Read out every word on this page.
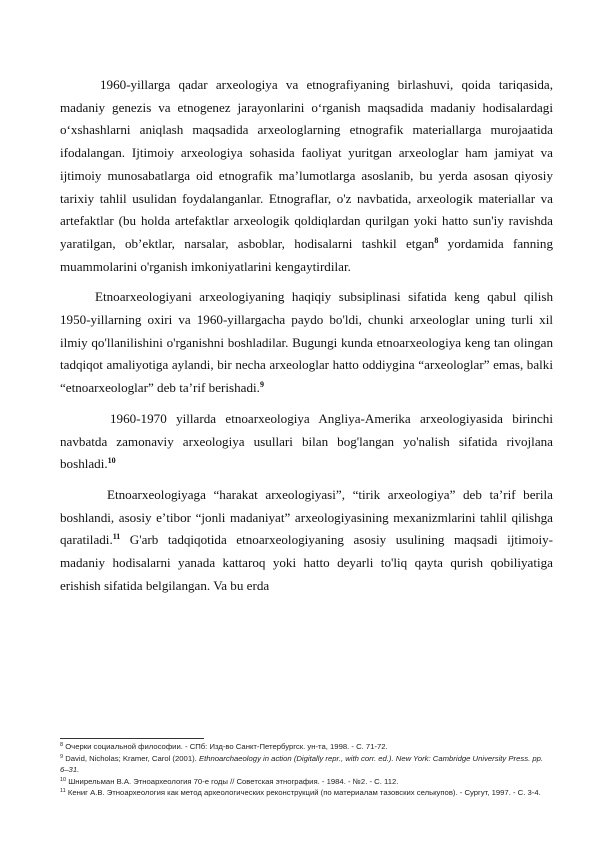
1960-yillarga qadar arxeologiya va etnografiyaning birlashuvi, qoida tariqasida, madaniy genezis va etnogenez jarayonlarini oʻrganish maqsadida madaniy hodisalardagi oʻxshashlarni aniqlash maqsadida arxeologlarning etnografik materiallarga murojaatida ifodalangan. Ijtimoiy arxeologiya sohasida faoliyat yuritgan arxeologlar ham jamiyat va ijtimoiy munosabatlarga oid etnografik maʼlumotlarga asoslanib, bu yerda asosan qiyosiy tarixiy tahlil usulidan foydalanganlar. Etnograflar, o'z navbatida, arxeologik materiallar va artefaktlar (bu holda artefaktlar arxeologik qoldiqlardan qurilgan yoki hatto sun'iy ravishda yaratilgan, obʼektlar, narsalar, asboblar, hodisalarni tashkil etgan$^8$ yordamida fanning muammolarini o'rganish imkoniyatlarini kengaytirdilar.

Etnoarxeologiyani arxeologiyaning haqiqiy subsiplinasi sifatida keng qabul qilish 1950-yillarning oxiri va 1960-yillargacha paydo bo'ldi, chunki arxeologlar uning turli xil ilmiy qo'llanilishini o'rganishni boshladilar. Bugungi kunda etnoarxeologiya keng tan olingan tadqiqot amaliyotiga aylandi, bir necha arxeologlar hatto oddiygina “arxeologlar” emas, balki “etnoarxeologlar” deb taʼrif berishadi.$^9$

1960-1970 yillarda etnoarxeologiya Angliya-Amerika arxeologiyasida birinchi navbatda zamonaviy arxeologiya usullari bilan bog'langan yo'nalish sifatida rivojlana boshladi.$^{10}$

Etnoarxeologiyaga “harakat arxeologiyasi”, “tirik arxeologiya” deb taʼrif berila boshlandi, asosiy eʼtibor “jonli madaniyat” arxeologiyasining mexanizmlarini tahlil qilishga qaratiladi.$^{11}$ G'arb tadqiqotida etnoarxeologiyaning asosiy usulining maqsadi ijtimoiy-madaniy hodisalarni yanada kattaroq yoki hatto deyarli to'liq qayta qurish qobiliyatiga erishish sifatida belgilangan. Va bu erda

$^8$ Очерки социальной философии. - СПб: Изд-во Санкт-Петербургск. ун-та, 1998. - С. 71-72.

$^9$ David, Nicholas; Kramer, Carol (2001). Ethnoarchaeology in action (Digitally repr., with corr. ed.). New York: Cambridge University Press. pp. 6–31.

$^{10}$ Шнирельман В.А. Этноархеология 70-е годы // Советская этнография. - 1984. - №2. - С. 112.

$^{11}$ Кениг А.В. Этноархеология как метод археологических реконструкций (по материалам тазовских селькупов). - Сургут, 1997. - С. 3-4.
